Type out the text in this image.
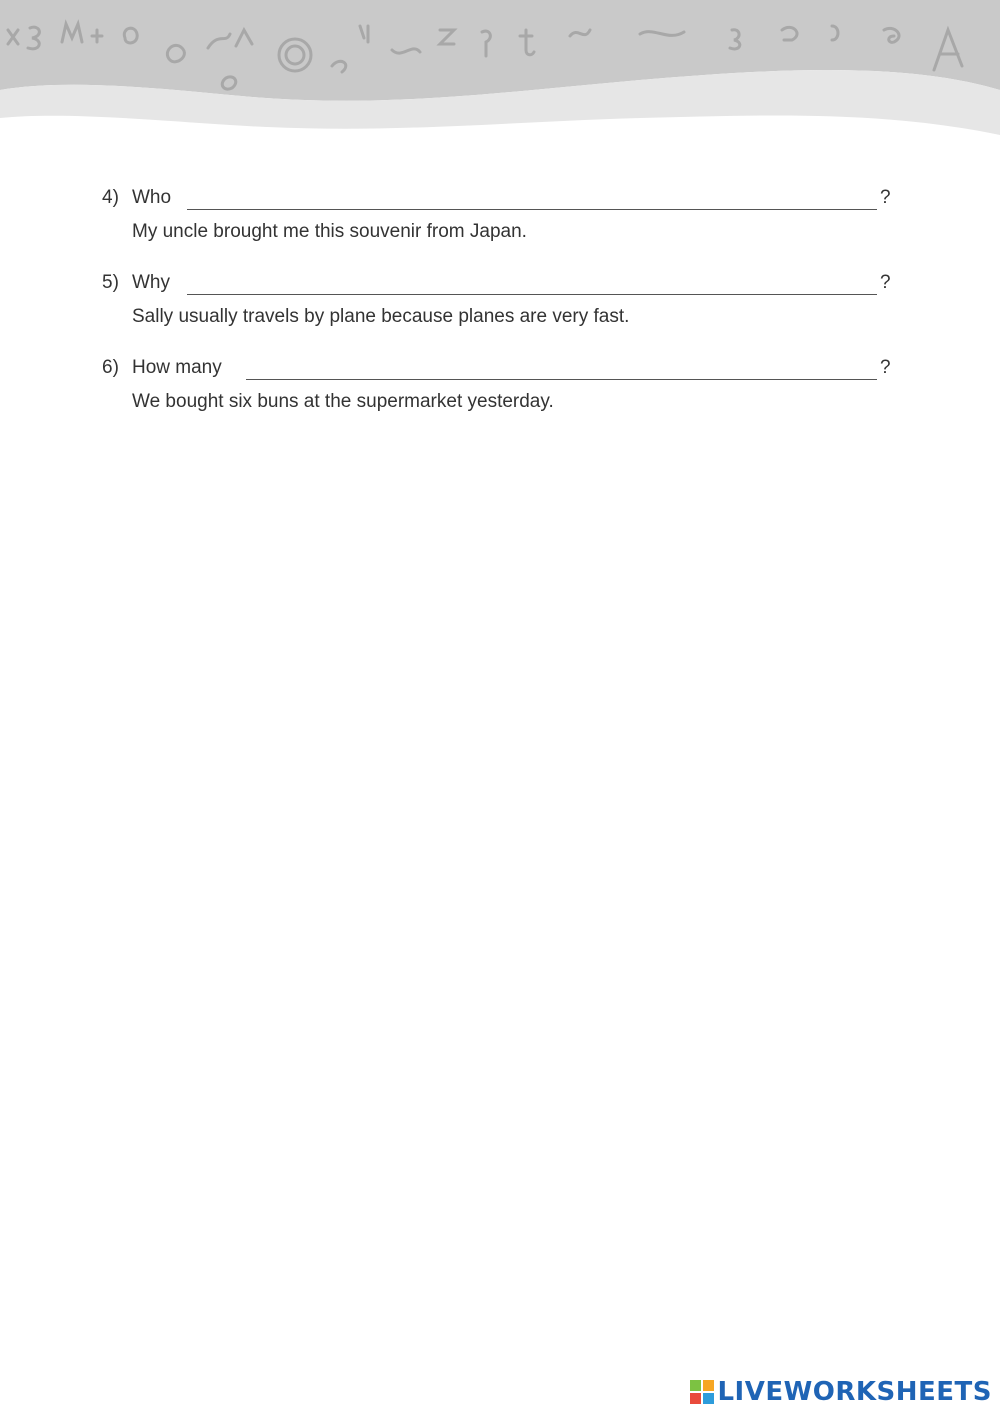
4) Who	?
My uncle brought me this souvenir from Japan.
5) Why	?
Sally usually travels by plane because planes are very fast.
6) How many	?
We bought six buns at the supermarket yesterday.
LIVEWORKSHEETS
